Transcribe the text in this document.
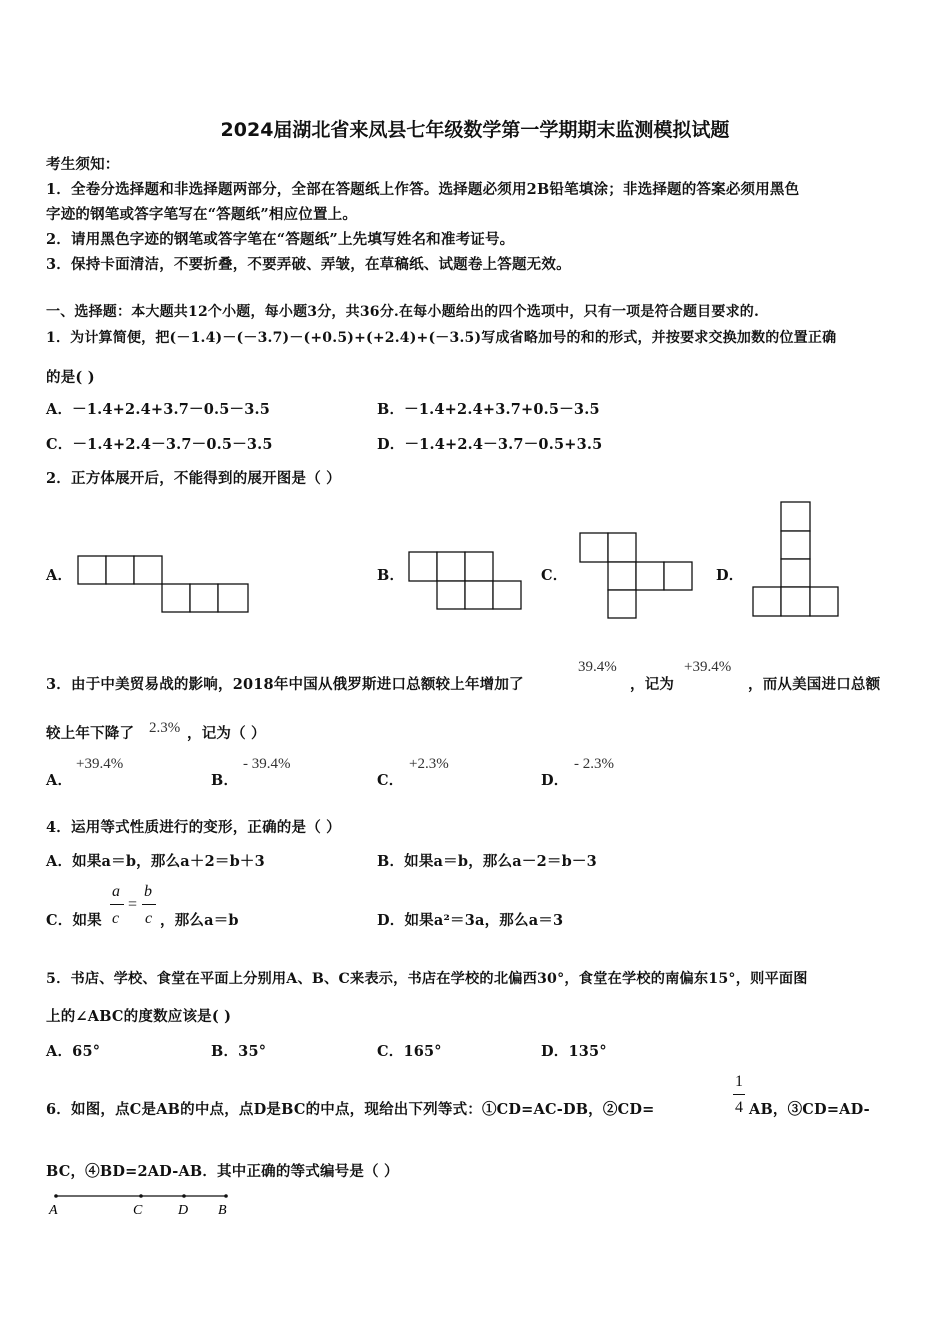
2024届湖北省来凤县七年级数学第一学期期末监测模拟试题
考生须知：
1．全卷分选择题和非选择题两部分，全部在答题纸上作答。选择题必须用2B铅笔填涂；非选择题的答案必须用黑色
字迹的钢笔或答字笔写在“答题纸”相应位置上。
2．请用黑色字迹的钢笔或答字笔在“答题纸”上先填写姓名和准考证号。
3．保持卡面清洁，不要折叠，不要弄破、弄皱，在草稿纸、试题卷上答题无效。
一、选择题：本大题共12个小题，每小题3分，共36分.在每小题给出的四个选项中，只有一项是符合题目要求的.
1．为计算简便，把(－1.4)－(－3.7)－(+0.5)+(+2.4)+(－3.5)写成省略加号的和的形式，并按要求交换加数的位置正确
的是( )
A．－1.4+2.4+3.7－0.5－3.5	B．－1.4+2.4+3.7+0.5－3.5
C．－1.4+2.4－3.7－0.5－3.5	D．－1.4+2.4－3.7－0.5+3.5
2．正方体展开后，不能得到的展开图是（ ）
A．	B．	C．	D．
3．由于中美贸易战的影响，2018年中国从俄罗斯进口总额较上年增加了
39.4%
，记为
+39.4%
，而从美国进口总额
较上年下降了 2.3% ，记为（ ）
A．
+39.4%
B．
- 39.4%
C．
+2.3%
D．
- 2.3%
4．运用等式性质进行的变形，正确的是（ ）
A．如果a＝b，那么a＋2＝b＋3	B．如果a＝b，那么a－2＝b－3
C．如果
a
c
=
b
c ，那么a＝b	D．如果a²＝3a，那么a＝3
5．书店、学校、食堂在平面上分别用A、B、C来表示，书店在学校的北偏西30°，食堂在学校的南偏东15°，则平面图
上的∠ABC的度数应该是( )
A．65°	B．35°	C．165°	D．135°
6．如图，点C是AB的中点，点D是BC的中点，现给出下列等式：①CD=AC-DB，②CD=
1
4 AB，③CD=AD-
BC，④BD=2AD-AB．其中正确的等式编号是（ ）
A	C	D B
